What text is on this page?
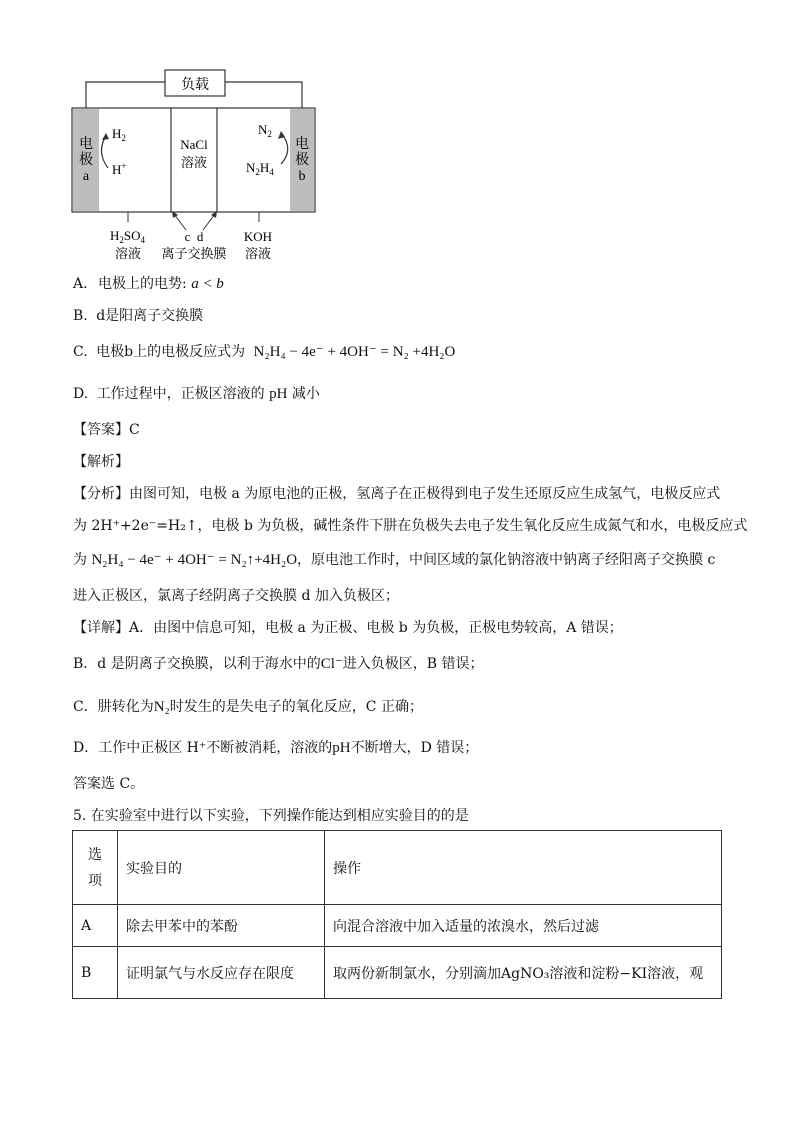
负载
电
极
a
电
极
b
$H_2$
H+
NaCl
溶液
$N_2$
$N_2H_4$
$H_2SO_4$
溶液
c  d
离子交换膜
KOH
溶液
A. 电极上的电势: a < b
B. d是阳离子交换膜
C. 电极b上的电极反应式为 N₂H₄ − 4e⁻ + 4OH⁻ = N₂ +4H₂O
D. 工作过程中，正极区溶液的 pH 减小
【答案】C
【解析】
【分析】由图可知，电极 a 为原电池的正极，氢离子在正极得到电子发生还原反应生成氢气，电极反应式
为 2H⁺+2e⁻=H₂↑，电极 b 为负极，碱性条件下肼在负极失去电子发生氧化反应生成氮气和水，电极反应式
为 N₂H₄ − 4e⁻ + 4OH⁻ = N₂↑+4H₂O，原电池工作时，中间区域的氯化钠溶液中钠离子经阳离子交换膜 c
进入正极区，氯离子经阴离子交换膜 d 加入负极区；
【详解】A．由图中信息可知，电极 a 为正极、电极 b 为负极，正极电势较高，A 错误；
B．d 是阴离子交换膜，以利于海水中的Cl⁻进入负极区，B 错误；
C．肼转化为N₂时发生的是失电子的氧化反应，C 正确；
D．工作中正极区 H⁺不断被消耗，溶液的pH不断增大，D 错误；
答案选 C。
5. 在实验室中进行以下实验，下列操作能达到相应实验目的的是
选项	实验目的	操作
A	除去甲苯中的苯酚	向混合溶液中加入适量的浓溴水，然后过滤
B	证明氯气与水反应存在限度	取两份新制氯水，分别滴加AgNO₃溶液和淀粉−KI溶液，观
